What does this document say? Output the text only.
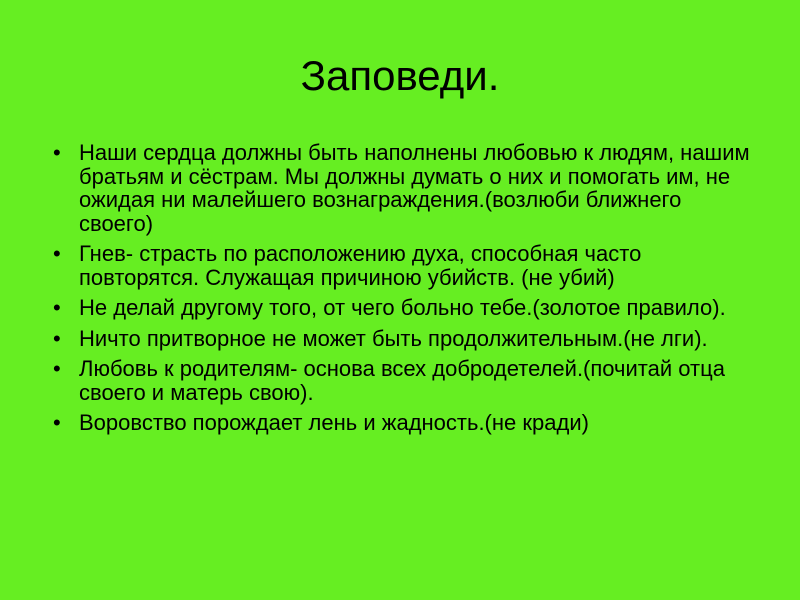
Заповеди.
• Наши сердца должны быть наполнены любовью к людям, нашим братьям и сёстрам. Мы должны думать о них и помогать им, не ожидая ни малейшего вознаграждения.(возлюби ближнего своего)
• Гнев- страсть по расположению духа, способная часто повторятся. Служащая причиною убийств. (не убий)
• Не делай другому того, от чего больно тебе.(золотое правило).
• Ничто притворное не может быть продолжительным.(не лги).
• Любовь к родителям- основа всех добродетелей.(почитай отца своего и матерь свою).
• Воровство порождает лень и жадность.(не кради)
